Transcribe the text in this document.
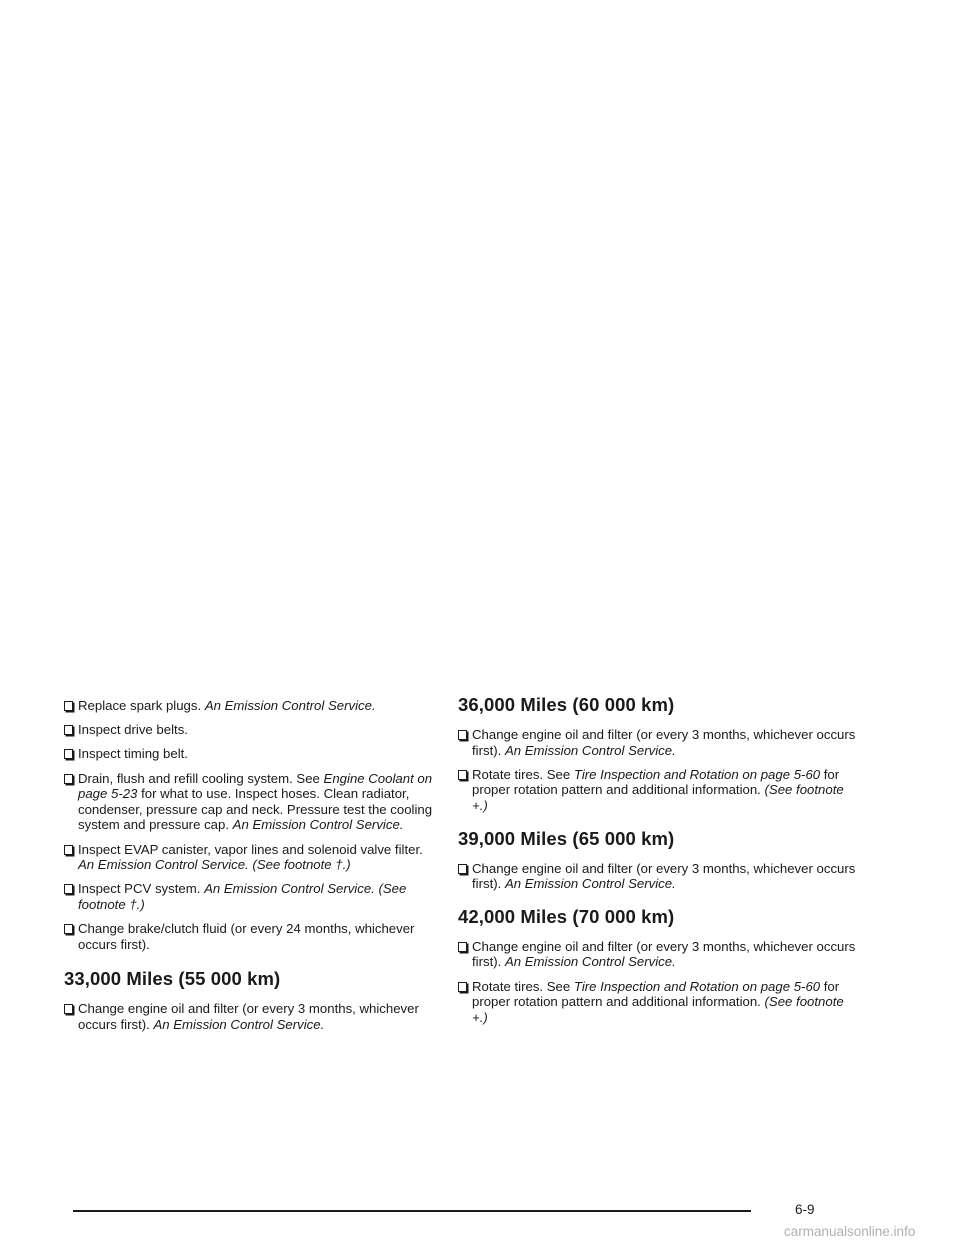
Replace spark plugs. An Emission Control Service.
Inspect drive belts.
Inspect timing belt.
Drain, flush and refill cooling system. See Engine Coolant on page 5-23 for what to use. Inspect hoses. Clean radiator, condenser, pressure cap and neck. Pressure test the cooling system and pressure cap. An Emission Control Service.
Inspect EVAP canister, vapor lines and solenoid valve filter. An Emission Control Service. (See footnote †.)
Inspect PCV system. An Emission Control Service. (See footnote †.)
Change brake/clutch fluid (or every 24 months, whichever occurs first).
33,000 Miles (55 000 km)
Change engine oil and filter (or every 3 months, whichever occurs first). An Emission Control Service.
36,000 Miles (60 000 km)
Change engine oil and filter (or every 3 months, whichever occurs first). An Emission Control Service.
Rotate tires. See Tire Inspection and Rotation on page 5-60 for proper rotation pattern and additional information. (See footnote +.)
39,000 Miles (65 000 km)
Change engine oil and filter (or every 3 months, whichever occurs first). An Emission Control Service.
42,000 Miles (70 000 km)
Change engine oil and filter (or every 3 months, whichever occurs first). An Emission Control Service.
Rotate tires. See Tire Inspection and Rotation on page 5-60 for proper rotation pattern and additional information. (See footnote +.)
6-9
carmanualsonline.info
